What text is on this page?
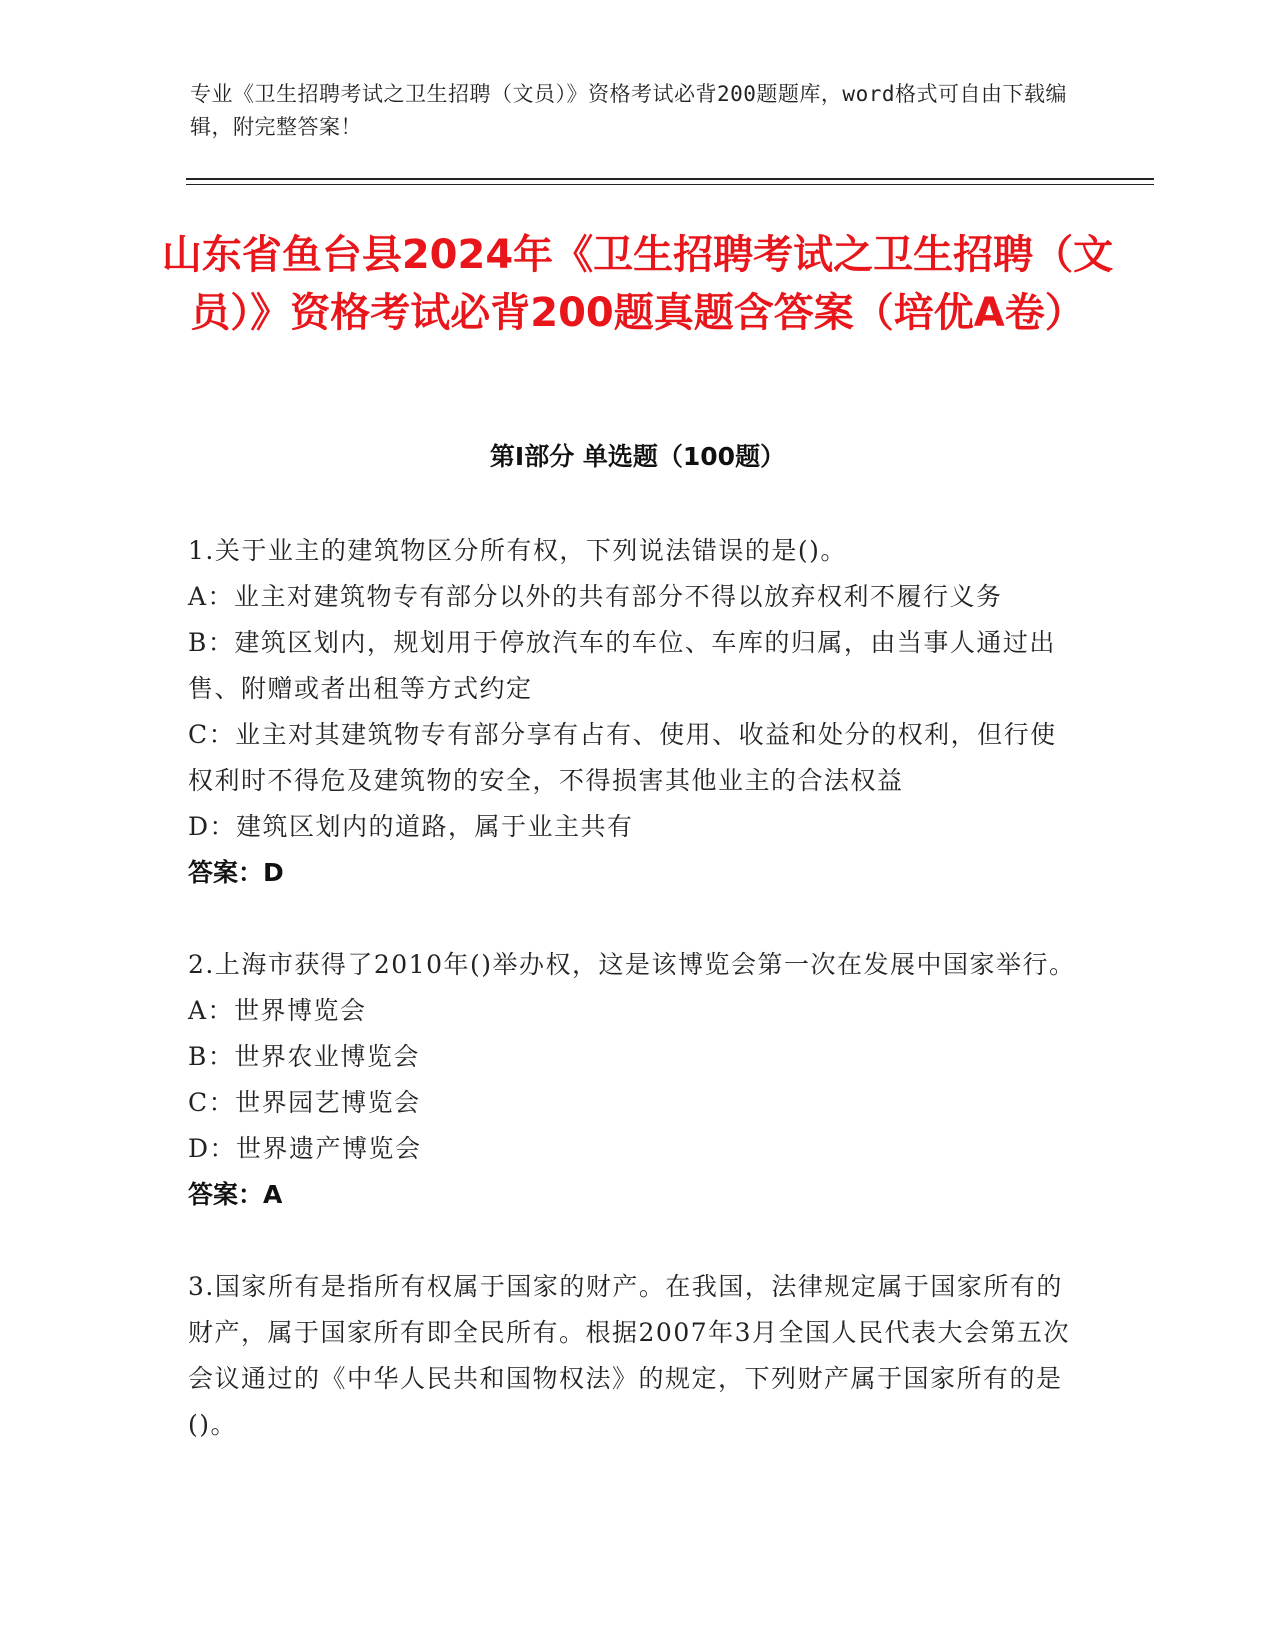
专业《卫生招聘考试之卫生招聘（文员）》资格考试必背200题题库，word格式可自由下载编辑，附完整答案！
山东省鱼台县2024年《卫生招聘考试之卫生招聘（文员）》资格考试必背200题真题含答案（培优A卷）
第I部分 单选题（100题）
1.关于业主的建筑物区分所有权，下列说法错误的是()。
A：业主对建筑物专有部分以外的共有部分不得以放弃权利不履行义务
B：建筑区划内，规划用于停放汽车的车位、车库的归属，由当事人通过出售、附赠或者出租等方式约定
C：业主对其建筑物专有部分享有占有、使用、收益和处分的权利，但行使权利时不得危及建筑物的安全，不得损害其他业主的合法权益
D：建筑区划内的道路，属于业主共有
答案：D
2.上海市获得了2010年()举办权，这是该博览会第一次在发展中国家举行。
A：世界博览会
B：世界农业博览会
C：世界园艺博览会
D：世界遗产博览会
答案：A
3.国家所有是指所有权属于国家的财产。在我国，法律规定属于国家所有的财产，属于国家所有即全民所有。根据2007年3月全国人民代表大会第五次会议通过的《中华人民共和国物权法》的规定，下列财产属于国家所有的是()。
